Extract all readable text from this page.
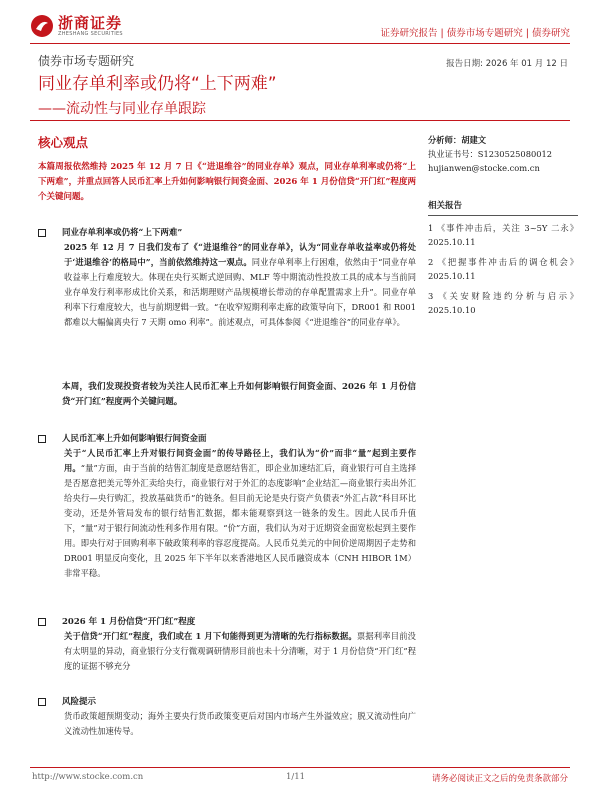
浙商证券
ZHESHANG SECURITIES	证券研究报告 | 债券市场专题研究 | 债券研究
债券市场专题研究	报告日期: 2026 年 01 月 12 日
同业存单利率或仍将“上下两难”
——流动性与同业存单跟踪
核心观点
本篇周报依然维持 2025 年 12 月 7 日《“进退维谷”的同业存单》观点，同业存单利率或仍将“上下两难”，并重点回答人民币汇率上升如何影响银行间资金面、2026 年 1 月份信贷“开门红”程度两个关键问题。
同业存单利率或仍将“上下两难”
2025 年 12 月 7 日我们发布了《“进退维谷”的同业存单》，认为“同业存单收益率或仍将处于‘进退维谷’的格局中”，当前依然维持这一观点。同业存单利率上行困难，依然由于“同业存单收益率上行难度较大。体现在央行买断式逆回购、MLF 等中期流动性投放工具的成本与当前同业存单发行利率形成比价关系，和活期理财产品规模增长带动的存单配置需求上升”。同业存单利率下行难度较大，也与前期逻辑一致。“在收窄短期利率走廊的政策导向下，DR001 和 R001 都难以大幅偏离央行 7 天期 omo 利率”。前述观点，可具体参阅《“进退维谷”的同业存单》。
本周，我们发现投资者较为关注人民币汇率上升如何影响银行间资金面、2026 年 1 月份信贷“开门红”程度两个关键问题。
人民币汇率上升如何影响银行间资金面
关于“人民币汇率上升对银行间资金面”的传导路径上，我们认为“价”而非“量”起到主要作用。“量”方面，由于当前的结售汇制度是意愿结售汇，即企业加速结汇后，商业银行可自主选择是否愿意把美元等外汇卖给央行，商业银行对于外汇的态度影响“企业结汇—商业银行卖出外汇给央行—央行购汇，投放基础货币”的链条。但目前无论是央行资产负债表“外汇占款”科目环比变动，还是外管局发布的银行结售汇数据，都未能观察到这一链条的发生。因此人民币升值下，“量”对于银行间流动性利多作用有限。“价”方面，我们认为对于近期资金面宽松起到主要作用。即央行对于回购利率下破政策利率的容忍度提高。人民币兑美元的中间价逆周期因子走势和 DR001 明显反向变化，且 2025 年下半年以来香港地区人民币融资成本（CNH HIBOR 1M）非常平稳。
2026 年 1 月份信贷“开门红”程度
关于信贷“开门红”程度，我们或在 1 月下旬能得到更为清晰的先行指标数据。票据利率目前没有太明显的异动，商业银行分支行微观调研情形目前也未十分清晰，对于 1 月份信贷“开门红”程度的证据不够充分
风险提示
货币政策超预期变动；海外主要央行货币政策变更后对国内市场产生外溢效应；脱又流动性向广义流动性加速传导。
分析师：胡建文
执业证书号：S1230525080012
hujianwen@stocke.com.cn
相关报告
1 《事件冲击后，关注 3~5Y 二永》 2025.10.11
2 《把握事件冲击后的调仓机会》 2025.10.11
3 《关安财险违约分析与启示》 2025.10.10
http://www.stocke.com.cn	1/11	请务必阅读正文之后的免责条款部分
